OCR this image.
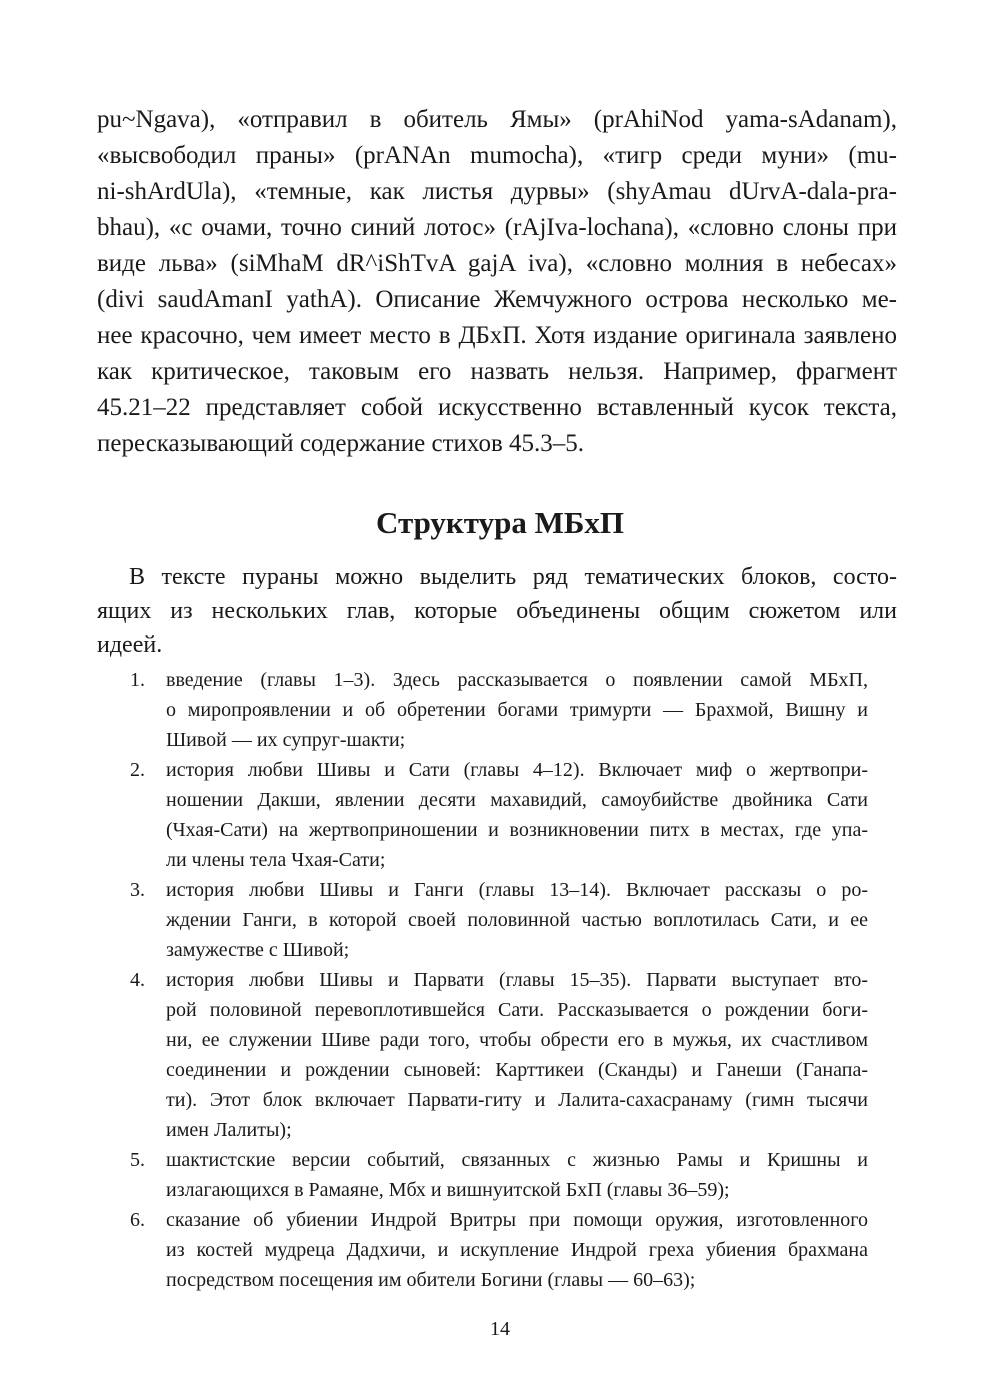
pu~Ngava), «отправил в обитель Ямы» (prAhiNod yama-sAdanam),
«высвободил праны» (prANAn mumocha), «тигр среди муни» (mu-
ni-shArdUla), «темные, как листья дурвы» (shyAmau dUrvA-dala-pra-
bhau), «с очами, точно синий лотос» (rAjIva-lochana), «словно слоны при
виде льва» (siMhaM dR^iShTvA gajA iva), «словно молния в небесах»
(divi saudAmanI yathA). Описание Жемчужного острова несколько ме-
нее красочно, чем имеет место в ДБхП. Хотя издание оригинала заявлено
как критическое, таковым его назвать нельзя. Например, фрагмент
45.21–22 представляет собой искусственно вставленный кусок текста,
пересказывающий содержание стихов 45.3–5.
Структура МБхП
В тексте пураны можно выделить ряд тематических блоков, состо-
ящих из нескольких глав, которые объединены общим сюжетом или
идеей.
1. введение (главы 1–3). Здесь рассказывается о появлении самой МБхП,
о миропроявлении и об обретении богами тримурти — Брахмой, Вишну и
Шивой — их супруг-шакти;
2. история любви Шивы и Сати (главы 4–12). Включает миф о жертвопри-
ношении Дакши, явлении десяти махавидий, самоубийстве двойника Сати
(Чхая-Сати) на жертвоприношении и возникновении питх в местах, где упа-
ли члены тела Чхая-Сати;
3. история любви Шивы и Ганги (главы 13–14). Включает рассказы о ро-
ждении Ганги, в которой своей половинной частью воплотилась Сати, и ее
замужестве с Шивой;
4. история любви Шивы и Парвати (главы 15–35). Парвати выступает вто-
рой половиной перевоплотившейся Сати. Рассказывается о рождении боги-
ни, ее служении Шиве ради того, чтобы обрести его в мужья, их счастливом
соединении и рождении сыновей: Карттикеи (Сканды) и Ганеши (Ганапа-
ти). Этот блок включает Парвати-гиту и Лалита-сахасранаму (гимн тысячи
имен Лалиты);
5. шактистские версии событий, связанных с жизнью Рамы и Кришны и
излагающихся в Рамаяне, Мбх и вишнуитской БхП (главы 36–59);
6. сказание об убиении Индрой Вритры при помощи оружия, изготовленного
из костей мудреца Дадхичи, и искупление Индрой греха убиения брахмана
посредством посещения им обители Богини (главы — 60–63);
14
